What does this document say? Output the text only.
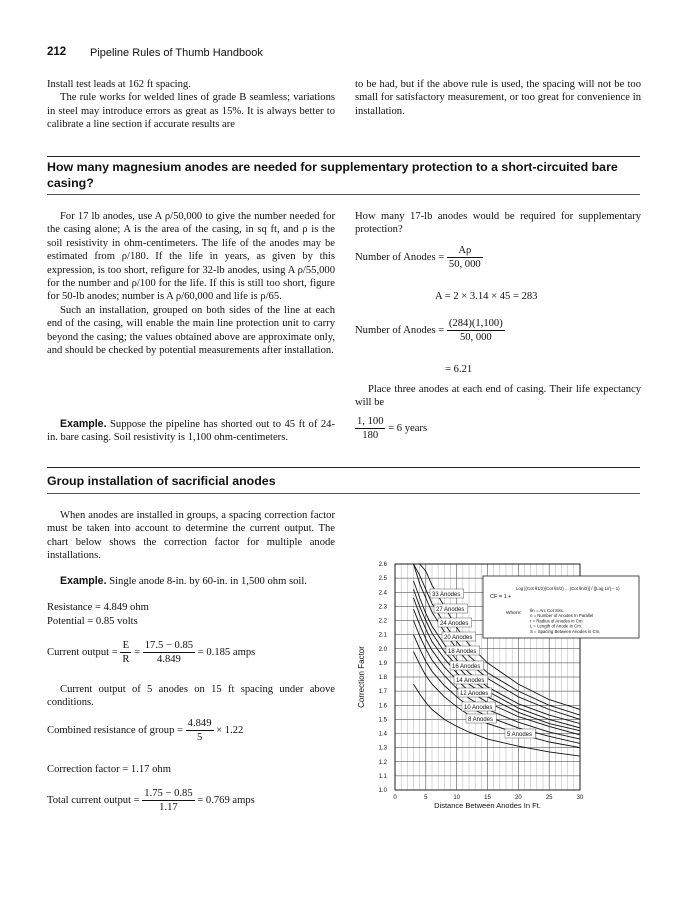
212 Pipeline Rules of Thumb Handbook

Install test leads at 162 ft spacing.

The rule works for welded lines of grade B seamless; variations in steel may introduce errors as great as 15%. It is always better to calibrate a line section if accurate results are

to be had, but if the above rule is used, the spacing will not be too small for satisfactory measurement, or too great for convenience in installation.

How many magnesium anodes are needed for supplementary protection to a short-circuited bare casing?

For 17 lb anodes, use A ρ/50,000 to give the number needed for the casing alone; A is the area of the casing, in sq ft, and ρ is the soil resistivity in ohm-centimeters. The life of the anodes may be estimated from ρ/180. If the life in years, as given by this expression, is too short, refigure for 32-lb anodes, using A ρ/55,000 for the number and ρ/100 for the life. If this is still too short, figure for 50-lb anodes; number is A ρ/60,000 and life is ρ/65.

Such an installation, grouped on both sides of the line at each end of the casing, will enable the main line protection unit to carry beyond the casing; the values obtained above are approximate only, and should be checked by potential measurements after installation.

Example. Suppose the pipeline has shorted out to 45 ft of 24-in. bare casing. Soil resistivity is 1,100 ohm-centimeters.

How many 17-lb anodes would be required for supplementary protection?

Number of Anodes = $\frac{A\rho}{50, 000}$
A = 2 × 3.14 × 45 = 283
Number of Anodes = $\frac{(284)(1,100)}{50, 000}$
= 6.21

Place three anodes at each end of casing. Their life expectancy will be

$\frac{1, 100}{180} = 6$ years
Group installation of sacrificial anodes

When anodes are installed in groups, a spacing correction factor must be taken into account to determine the current output. The chart below shows the correction factor for multiple anode installations.

Example. Single anode 8-in. by 60-in. in 1,500 ohm soil.

Resistance = 4.849 ohm
Potential = 0.85 volts
Current output = $\frac{E}{R} = \frac{17.5 - 0.85}{4.849} = 0.185$ amps

Current output of 5 anodes on 15 ft spacing under above conditions.

Combined resistance of group = $\frac{4.849}{5} \times 1.22$
Correction factor = 1.17 ohm
Total current output = $\frac{1.75 - 0.85}{1.17} = 0.769$ amps
33 Anodes
27 Anodes
24 Anodes
20 Anodes
18 Anodes
16 Anodes
14 Anodes
12 Anodes
10 Anodes
8 Anodes
5 Anodes
1.0
1.1
1.2
1.3
1.4
1.5
1.6
1.7
1.8
1.9
2.0
2.1
2.2
2.3
2.4
2.5
2.6
0	5	10	15	20	25	30
Distance Between Anodes In Ft.
Correction Factor
CF = 1 +
Log [(Cot θ1/2)(Cot θ2/2) ... (Cot θn/2)] / ([Log L/r] − 1)
Where:
θn = Arc Cot S/nL
n = Number of Anodes In Parallel
r = Radius of Anodes in Cm.
L = Length of Anode in Cm.
S = Spacing Between Anodes in Cm.
